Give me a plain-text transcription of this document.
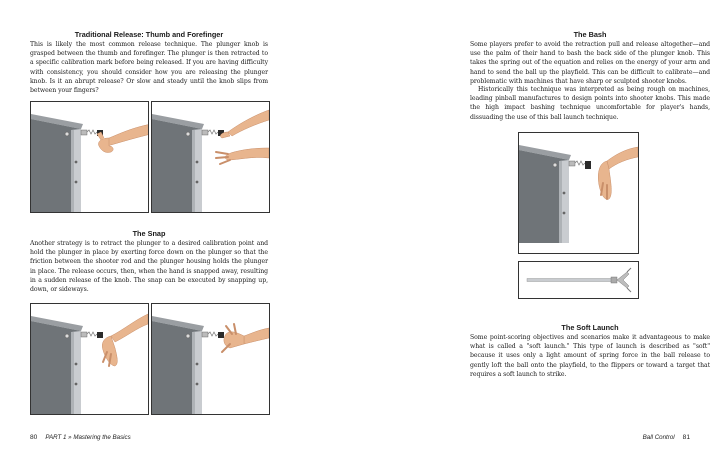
Traditional Release: Thumb and Forefinger
This is likely the most common release technique. The plunger knob is grasped between the thumb and forefinger. The plunger is then retracted to a specific calibration mark before being released. If you are having difficulty with consistency, you should consider how you are releasing the plunger knob. Is it an abrupt release? Or slow and steady until the knob slips from between your fingers?
The Snap
Another strategy is to retract the plunger to a desired calibration point and hold the plunger in place by exerting force down on the plunger so that the friction between the shooter rod and the plunger housing holds the plunger in place. The release occurs, then, when the hand is snapped away, resulting in a sudden release of the knob. The snap can be executed by snapping up, down, or sideways.
80 PART 1 » Mastering the Basics
The Bash
Some players prefer to avoid the retraction pull and release altogether—and use the palm of their hand to bash the back side of the plunger knob. This takes the spring out of the equation and relies on the energy of your arm and hand to send the ball up the playfield. This can be difficult to calibrate—and problematic with machines that have sharp or sculpted shooter knobs.
Historically this technique was interpreted as being rough on machines, leading pinball manufactures to design points into shooter knobs. This made the high impact bashing technique uncomfortable for player's hands, dissuading the use of this ball launch technique.
The Soft Launch
Some point-scoring objectives and scenarios make it advantageous to make what is called a "soft launch." This type of launch is described as "soft" because it uses only a light amount of spring force in the ball release to gently loft the ball onto the playfield, to the flippers or toward a target that requires a soft launch to strike.
Ball Control 81
